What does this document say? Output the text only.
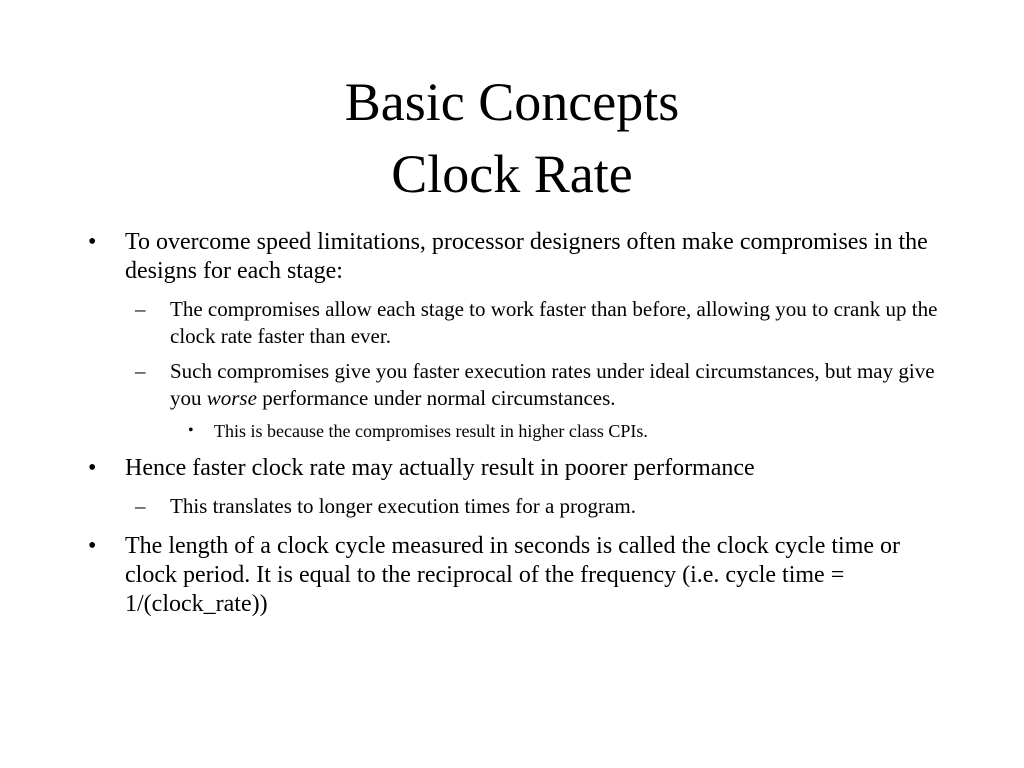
Basic Concepts
Clock Rate
• To overcome speed limitations, processor designers often make compromises in the designs for each stage:
– The compromises allow each stage to work faster than before, allowing you to crank up the clock rate faster than ever.
– Such compromises give you faster execution rates under ideal circumstances, but may give you worse performance under normal circumstances.
• This is because the compromises result in higher class CPIs.
• Hence faster clock rate may actually result in poorer performance
– This translates to longer execution times for a program.
• The length of a clock cycle measured in seconds is called the clock cycle time or clock period. It is equal to the reciprocal of the frequency (i.e. cycle time = 1/(clock_rate))
